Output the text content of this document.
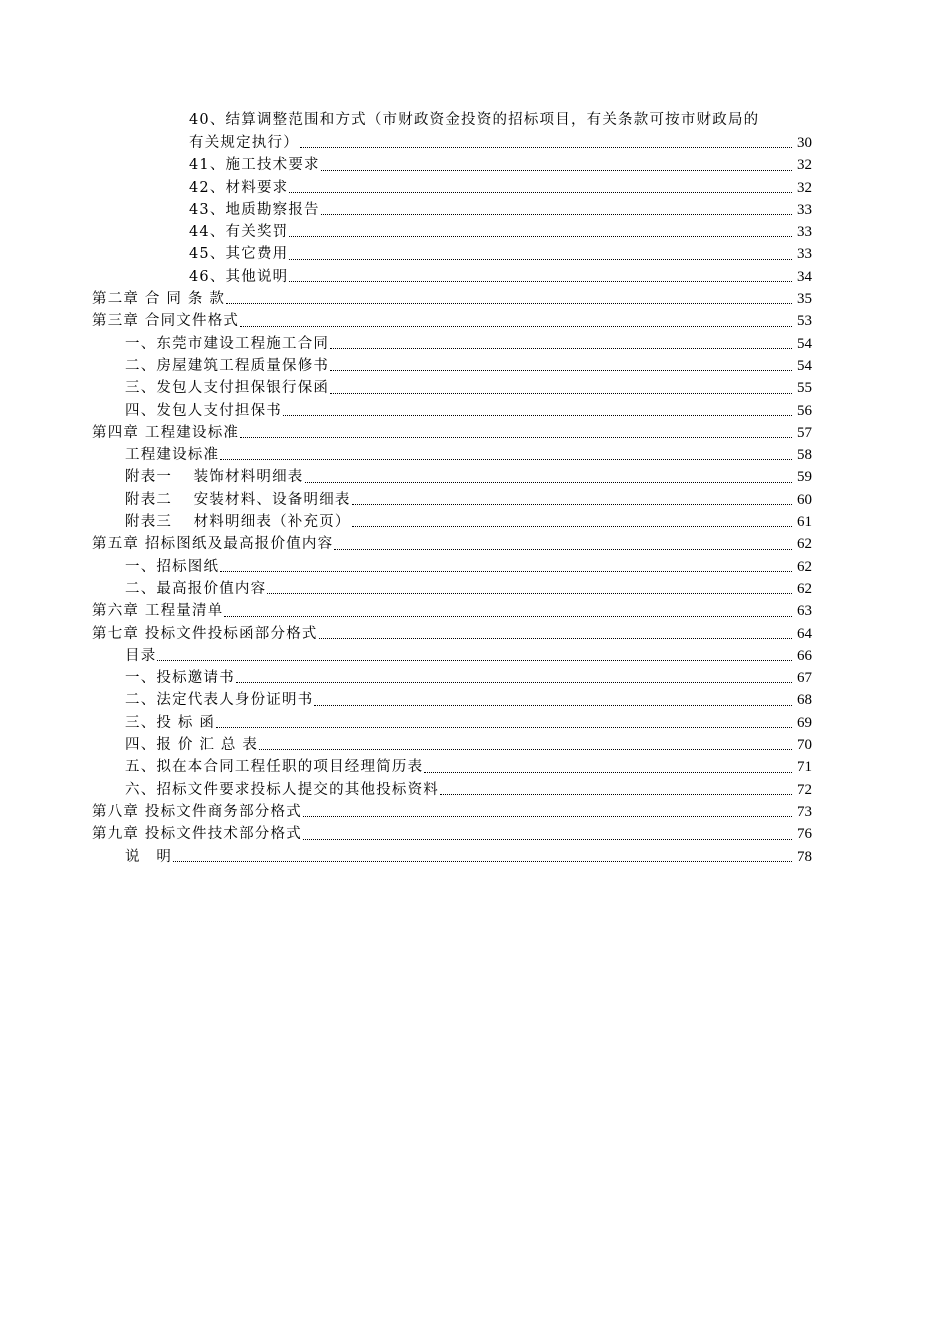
40、结算调整范围和方式（市财政资金投资的招标项目，有关条款可按市财政局的
有关规定执行）	30
41、施工技术要求	32
42、材料要求	32
43、地质勘察报告	33
44、有关奖罚	33
45、其它费用	33
46、其他说明	34
第二章 合 同 条 款	35
第三章 合同文件格式	53
一、东莞市建设工程施工合同	54
二、房屋建筑工程质量保修书	54
三、发包人支付担保银行保函	55
四、发包人支付担保书	56
第四章 工程建设标准	57
工程建设标准	58
附表一　 装饰材料明细表	59
附表二　 安装材料、设备明细表	60
附表三　 材料明细表（补充页）	61
第五章 招标图纸及最高报价值内容	62
一、招标图纸	62
二、最高报价值内容	62
第六章 工程量清单	63
第七章 投标文件投标函部分格式	64
目录	66
一、投标邀请书	67
二、法定代表人身份证明书	68
三、投 标 函	69
四、报 价 汇 总 表	70
五、拟在本合同工程任职的项目经理简历表	71
六、招标文件要求投标人提交的其他投标资料	72
第八章 投标文件商务部分格式	73
第九章 投标文件技术部分格式	76
说　明	78
